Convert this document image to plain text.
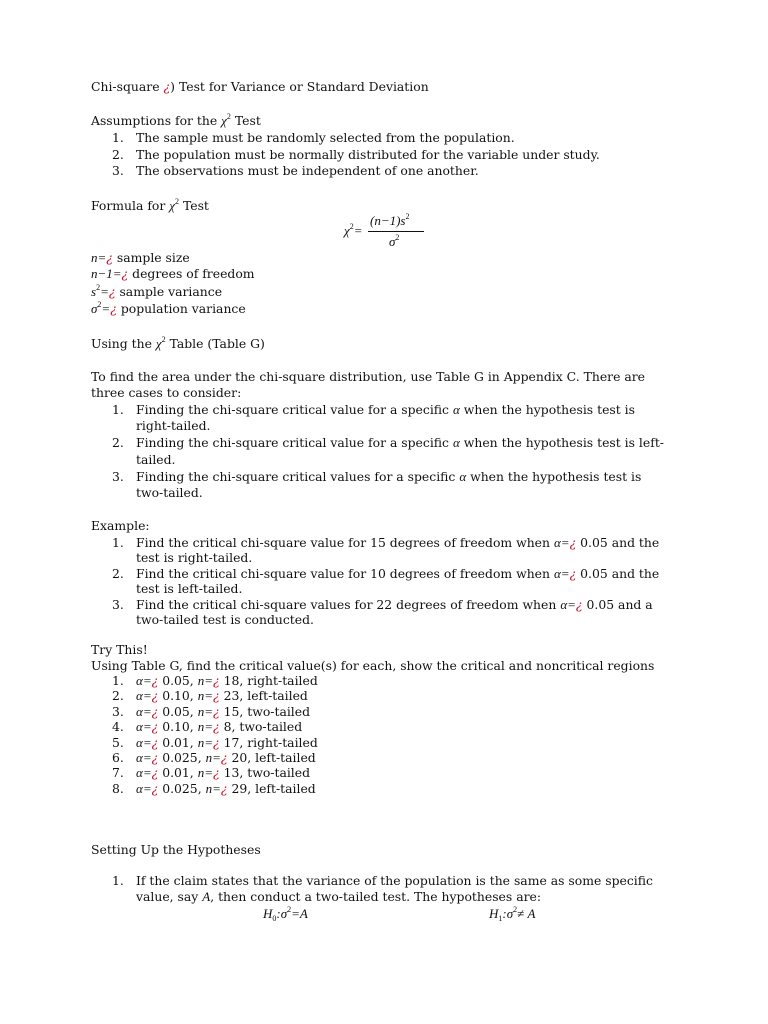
Chi-square ¿) Test for Variance or Standard Deviation
Assumptions for the $\chi^2$ Test
1. The sample must be randomly selected from the population.
2. The population must be normally distributed for the variable under study.
3. The observations must be independent of one another.
Formula for $\chi^2$ Test
$\chi^2=$
$(n-1)s^2$
$\sigma^2$
n=¿ sample size
n−1=¿ degrees of freedom
$s^2=¿$ sample variance
$\sigma^2=¿$ population variance
Using the $\chi^2$ Table (Table G)
To find the area under the chi-square distribution, use Table G in Appendix C. There are
three cases to consider:
1. Finding the chi-square critical value for a specific α when the hypothesis test is
right-tailed.
2. Finding the chi-square critical value for a specific α when the hypothesis test is left-
tailed.
3. Finding the chi-square critical values for a specific α when the hypothesis test is
two-tailed.
Example:
1. Find the critical chi-square value for 15 degrees of freedom when α=¿ 0.05 and the
test is right-tailed.
2. Find the critical chi-square value for 10 degrees of freedom when α=¿ 0.05 and the
test is left-tailed.
3. Find the critical chi-square values for 22 degrees of freedom when α=¿ 0.05 and a
two-tailed test is conducted.
Try This!
Using Table G, find the critical value(s) for each, show the critical and noncritical regions
1. α=¿ 0.05, n=¿ 18, right-tailed
2. α=¿ 0.10, n=¿ 23, left-tailed
3. α=¿ 0.05, n=¿ 15, two-tailed
4. α=¿ 0.10, n=¿ 8, two-tailed
5. α=¿ 0.01, n=¿ 17, right-tailed
6. α=¿ 0.025, n=¿ 20, left-tailed
7. α=¿ 0.01, n=¿ 13, two-tailed
8. α=¿ 0.025, n=¿ 29, left-tailed
Setting Up the Hypotheses
1. If the claim states that the variance of the population is the same as some specific
value, say A, then conduct a two-tailed test. The hypotheses are:
$H_0:\sigma^2=A$	$H_1:\sigma^2\ne A$
